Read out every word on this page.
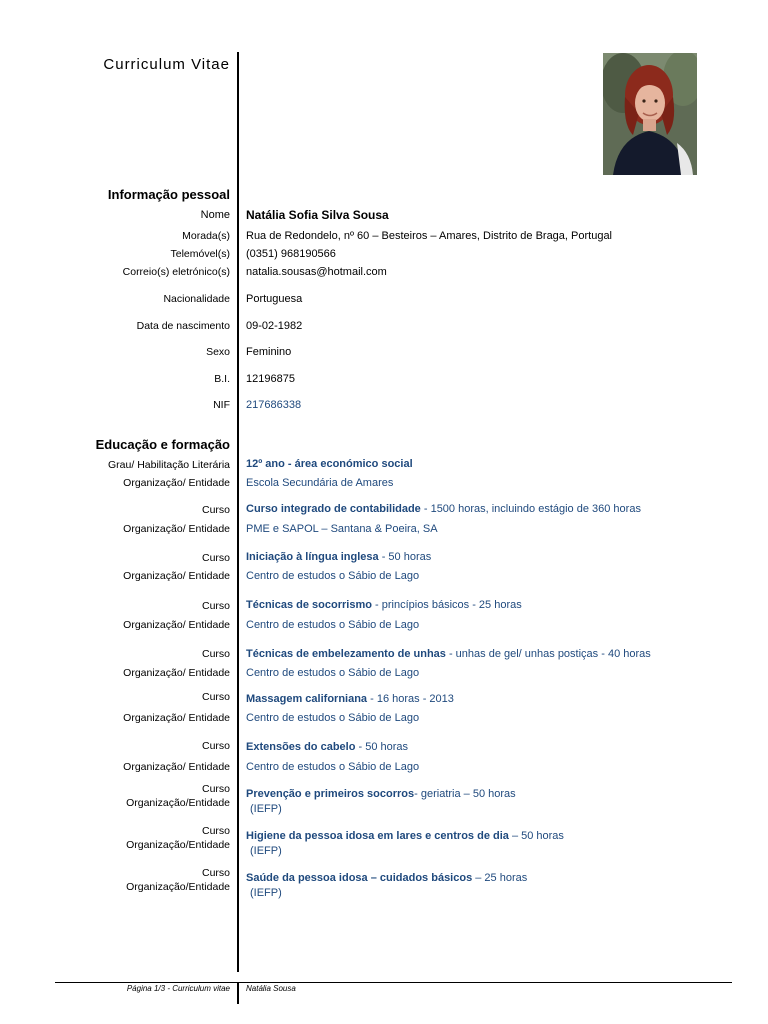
Curriculum Vitae
Informação pessoal
Nome Natália Sofia Silva Sousa
Morada(s) Rua de Redondelo, nº 60 – Besteiros – Amares, Distrito de Braga, Portugal
Telemóvel(s) (0351) 968190566
Correio(s) eletrónico(s) natalia.sousas@hotmail.com
Nacionalidade Portuguesa
Data de nascimento 09-02-1982
Sexo Feminino
B.I. 12196875
NIF 217686338
Educação e formação
Grau/ Habilitação Literária 12º ano - área económico social
Organização/ Entidade Escola Secundária de Amares
Curso Curso integrado de contabilidade - 1500 horas, incluindo estágio de 360 horas
Organização/ Entidade PME e SAPOL – Santana & Poeira, SA
Curso Iniciação à língua inglesa - 50 horas
Organização/ Entidade Centro de estudos o Sábio de Lago
Curso Técnicas de socorrismo - princípios básicos - 25 horas
Organização/ Entidade Centro de estudos o Sábio de Lago
Curso Técnicas de embelezamento de unhas - unhas de gel/ unhas postiças - 40 horas
Organização/ Entidade Centro de estudos o Sábio de Lago
Curso Massagem californiana - 16 horas - 2013
Organização/ Entidade Centro de estudos o Sábio de Lago
Curso Extensões do cabelo - 50 horas
Organização/ Entidade Centro de estudos o Sábio de Lago
Curso Prevenção e primeiros socorros- geriatria – 50 horas
Organização/Entidade (IEFP)
Curso Higiene da pessoa idosa em lares e centros de dia – 50 horas
Organização/Entidade (IEFP)
Curso Saúde da pessoa idosa – cuidados básicos – 25 horas
Organização/Entidade (IEFP)
Página 1/3 - Curriculum vitae Natália Sousa
